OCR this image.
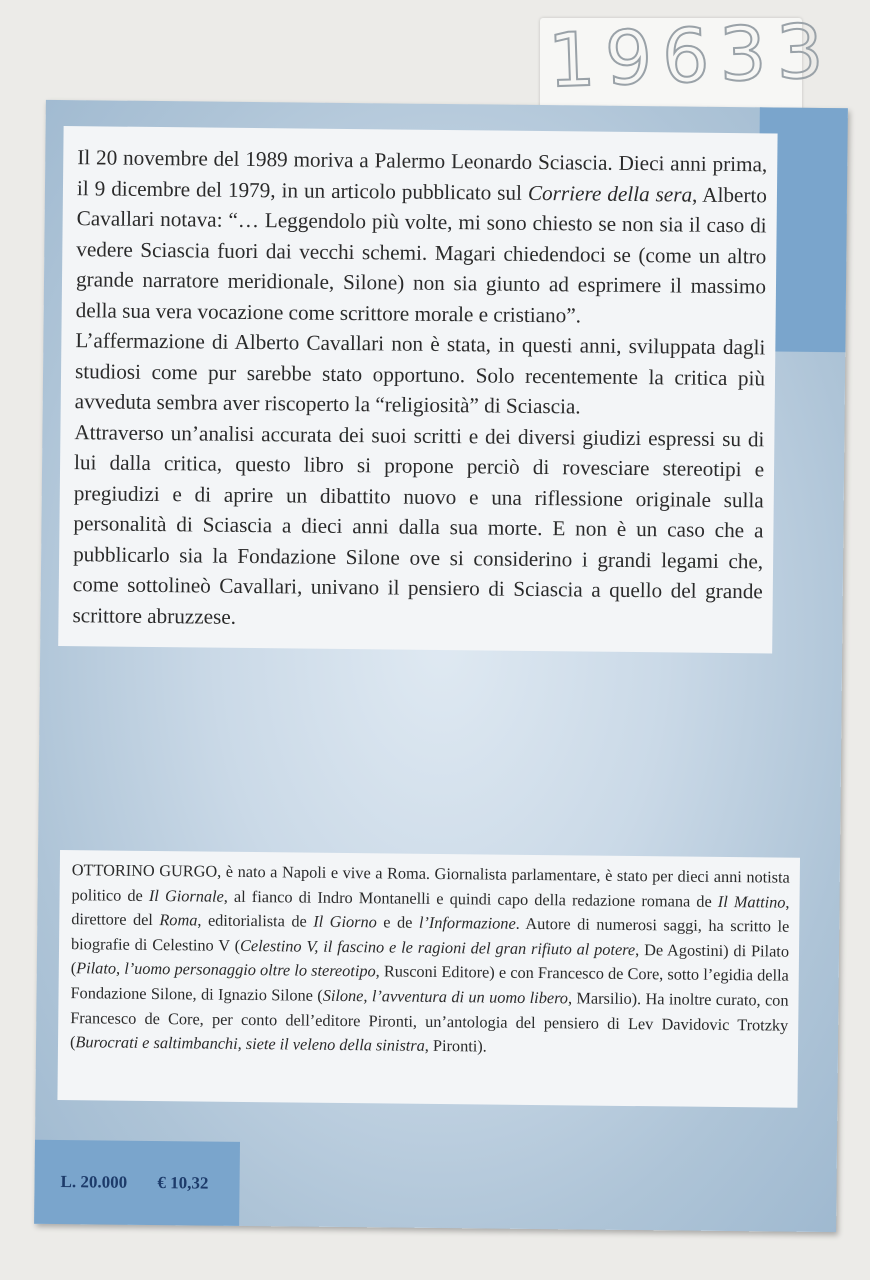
19633

Il 20 novembre del 1989 moriva a Palermo Leonardo Sciascia. Dieci anni prima, il 9 dicembre del 1979, in un articolo pubblicato sul Corriere della sera, Alberto Cavallari notava: “… Leggendolo più volte, mi sono chiesto se non sia il caso di vedere Sciascia fuori dai vecchi schemi. Magari chiedendoci se (come un altro grande narratore meridionale, Silone) non sia giunto ad esprimere il massimo della sua vera vocazione come scrittore morale e cristiano”.

L’affermazione di Alberto Cavallari non è stata, in questi anni, sviluppata dagli studiosi come pur sarebbe stato opportuno. Solo recentemente la critica più avveduta sembra aver riscoperto la “religiosità” di Sciascia.

Attraverso un’analisi accurata dei suoi scritti e dei diversi giudizi espressi su di lui dalla critica, questo libro si propone perciò di rovesciare stereotipi e pregiudizi e di aprire un dibattito nuovo e una riflessione originale sulla personalità di Sciascia a dieci anni dalla sua morte. E non è un caso che a pubblicarlo sia la Fondazione Silone ove si considerino i grandi legami che, come sottolineò Cavallari, univano il pensiero di Sciascia a quello del grande scrittore abruzzese.

OTTORINO GURGO, è nato a Napoli e vive a Roma. Giornalista parlamentare, è stato per dieci anni notista politico de Il Giornale, al fianco di Indro Montanelli e quindi capo della redazione romana de Il Mattino, direttore del Roma, editorialista de Il Giorno e de l’Informazione. Autore di numerosi saggi, ha scritto le biografie di Celestino V (Celestino V, il fascino e le ragioni del gran rifiuto al potere, De Agostini) di Pilato (Pilato, l’uomo personaggio oltre lo stereotipo, Rusconi Editore) e con Francesco de Core, sotto l’egidia della Fondazione Silone, di Ignazio Silone (Silone, l’avventura di un uomo libero, Marsilio). Ha inoltre curato, con Francesco de Core, per conto dell’editore Pironti, un’antologia del pensiero di Lev Davidovic Trotzky (Burocrati e saltimbanchi, siete il veleno della sinistra, Pironti).

L. 20.000 € 10,32
